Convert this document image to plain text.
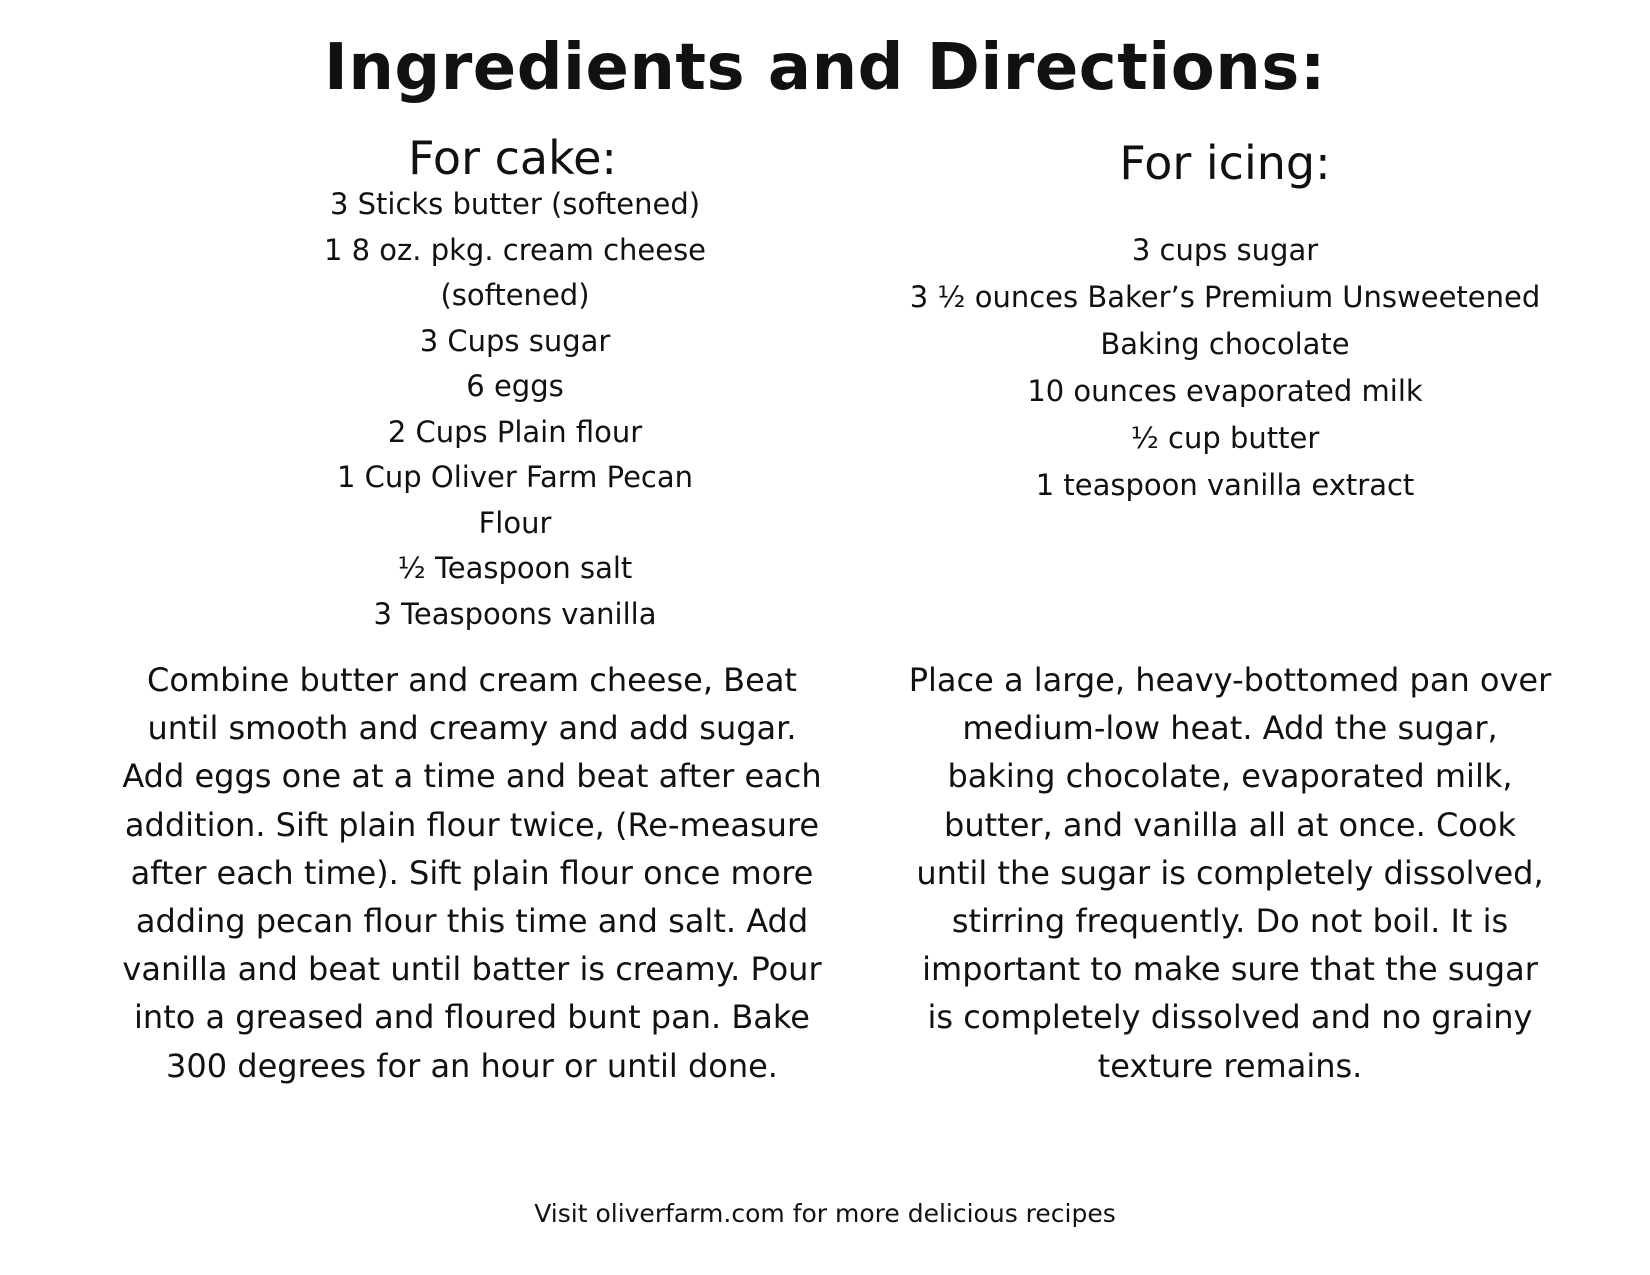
Ingredients and Directions:
For cake:
3 Sticks butter (softened)
1 8 oz. pkg. cream cheese (softened)
3 Cups sugar
6 eggs
2 Cups Plain flour
1 Cup Oliver Farm Pecan Flour
½ Teaspoon salt
3 Teaspoons vanilla
For icing:
3 cups sugar
3 ½ ounces Baker’s Premium Unsweetened Baking chocolate
10 ounces evaporated milk
½ cup butter
1 teaspoon vanilla extract

Combine butter and cream cheese, Beat until smooth and creamy and add sugar. Add eggs one at a time and beat after each addition. Sift plain flour twice, (Re-measure after each time). Sift plain flour once more adding pecan flour this time and salt. Add vanilla and beat until batter is creamy. Pour into a greased and floured bunt pan. Bake 300 degrees for an hour or until done.

Place a large, heavy-bottomed pan over medium-low heat. Add the sugar, baking chocolate, evaporated milk, butter, and vanilla all at once. Cook until the sugar is completely dissolved, stirring frequently. Do not boil. It is important to make sure that the sugar is completely dissolved and no grainy texture remains.

Visit oliverfarm.com for more delicious recipes
